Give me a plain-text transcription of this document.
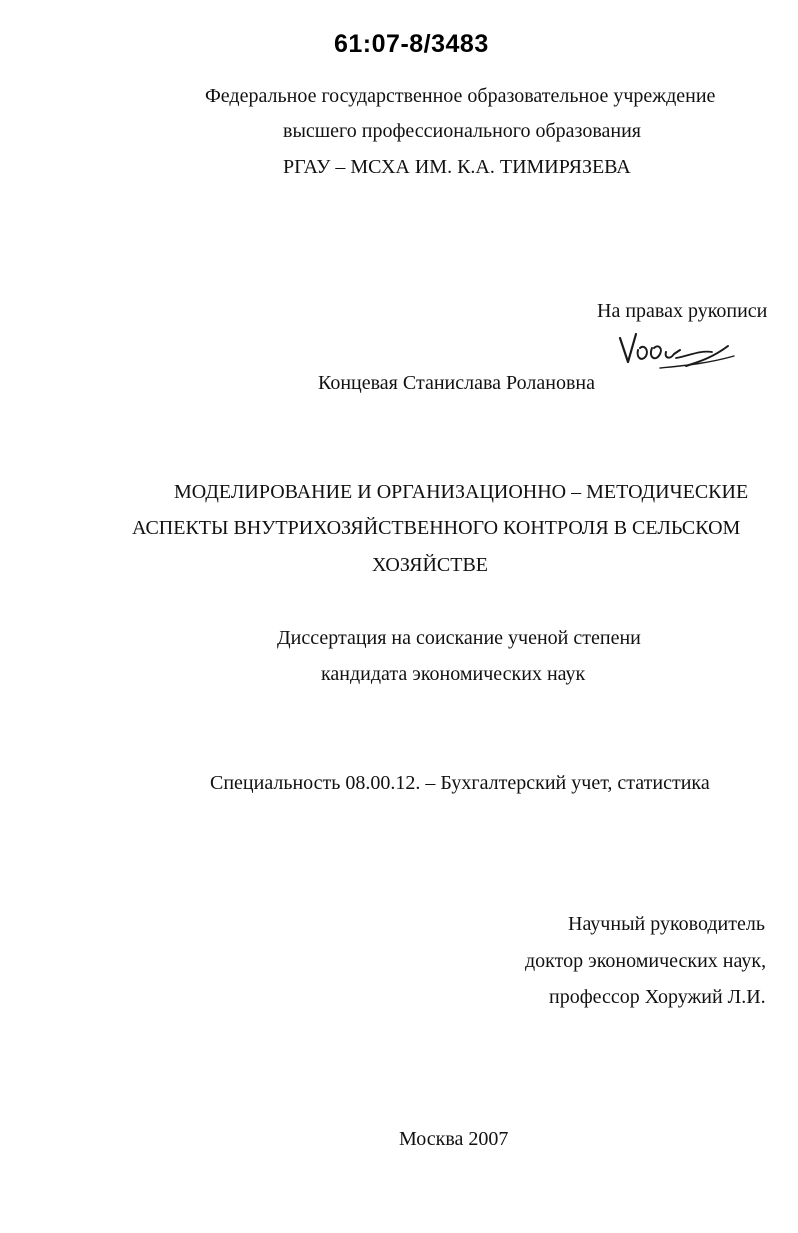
61:07-8/3483
Федеральное государственное образовательное учреждение
высшего профессионального образования
РГАУ – МСХА ИМ. К.А. ТИМИРЯЗЕВА
На правах рукописи
Концевая Станислава Ролановна
МОДЕЛИРОВАНИЕ И ОРГАНИЗАЦИОННО – МЕТОДИЧЕСКИЕ
АСПЕКТЫ ВНУТРИХОЗЯЙСТВЕННОГО КОНТРОЛЯ В СЕЛЬСКОМ
ХОЗЯЙСТВЕ
Диссертация на соискание ученой степени
кандидата экономических наук
Специальность 08.00.12. – Бухгалтерский учет, статистика
Научный руководитель
доктор экономических наук,
профессор Хоружий Л.И.
Москва 2007
